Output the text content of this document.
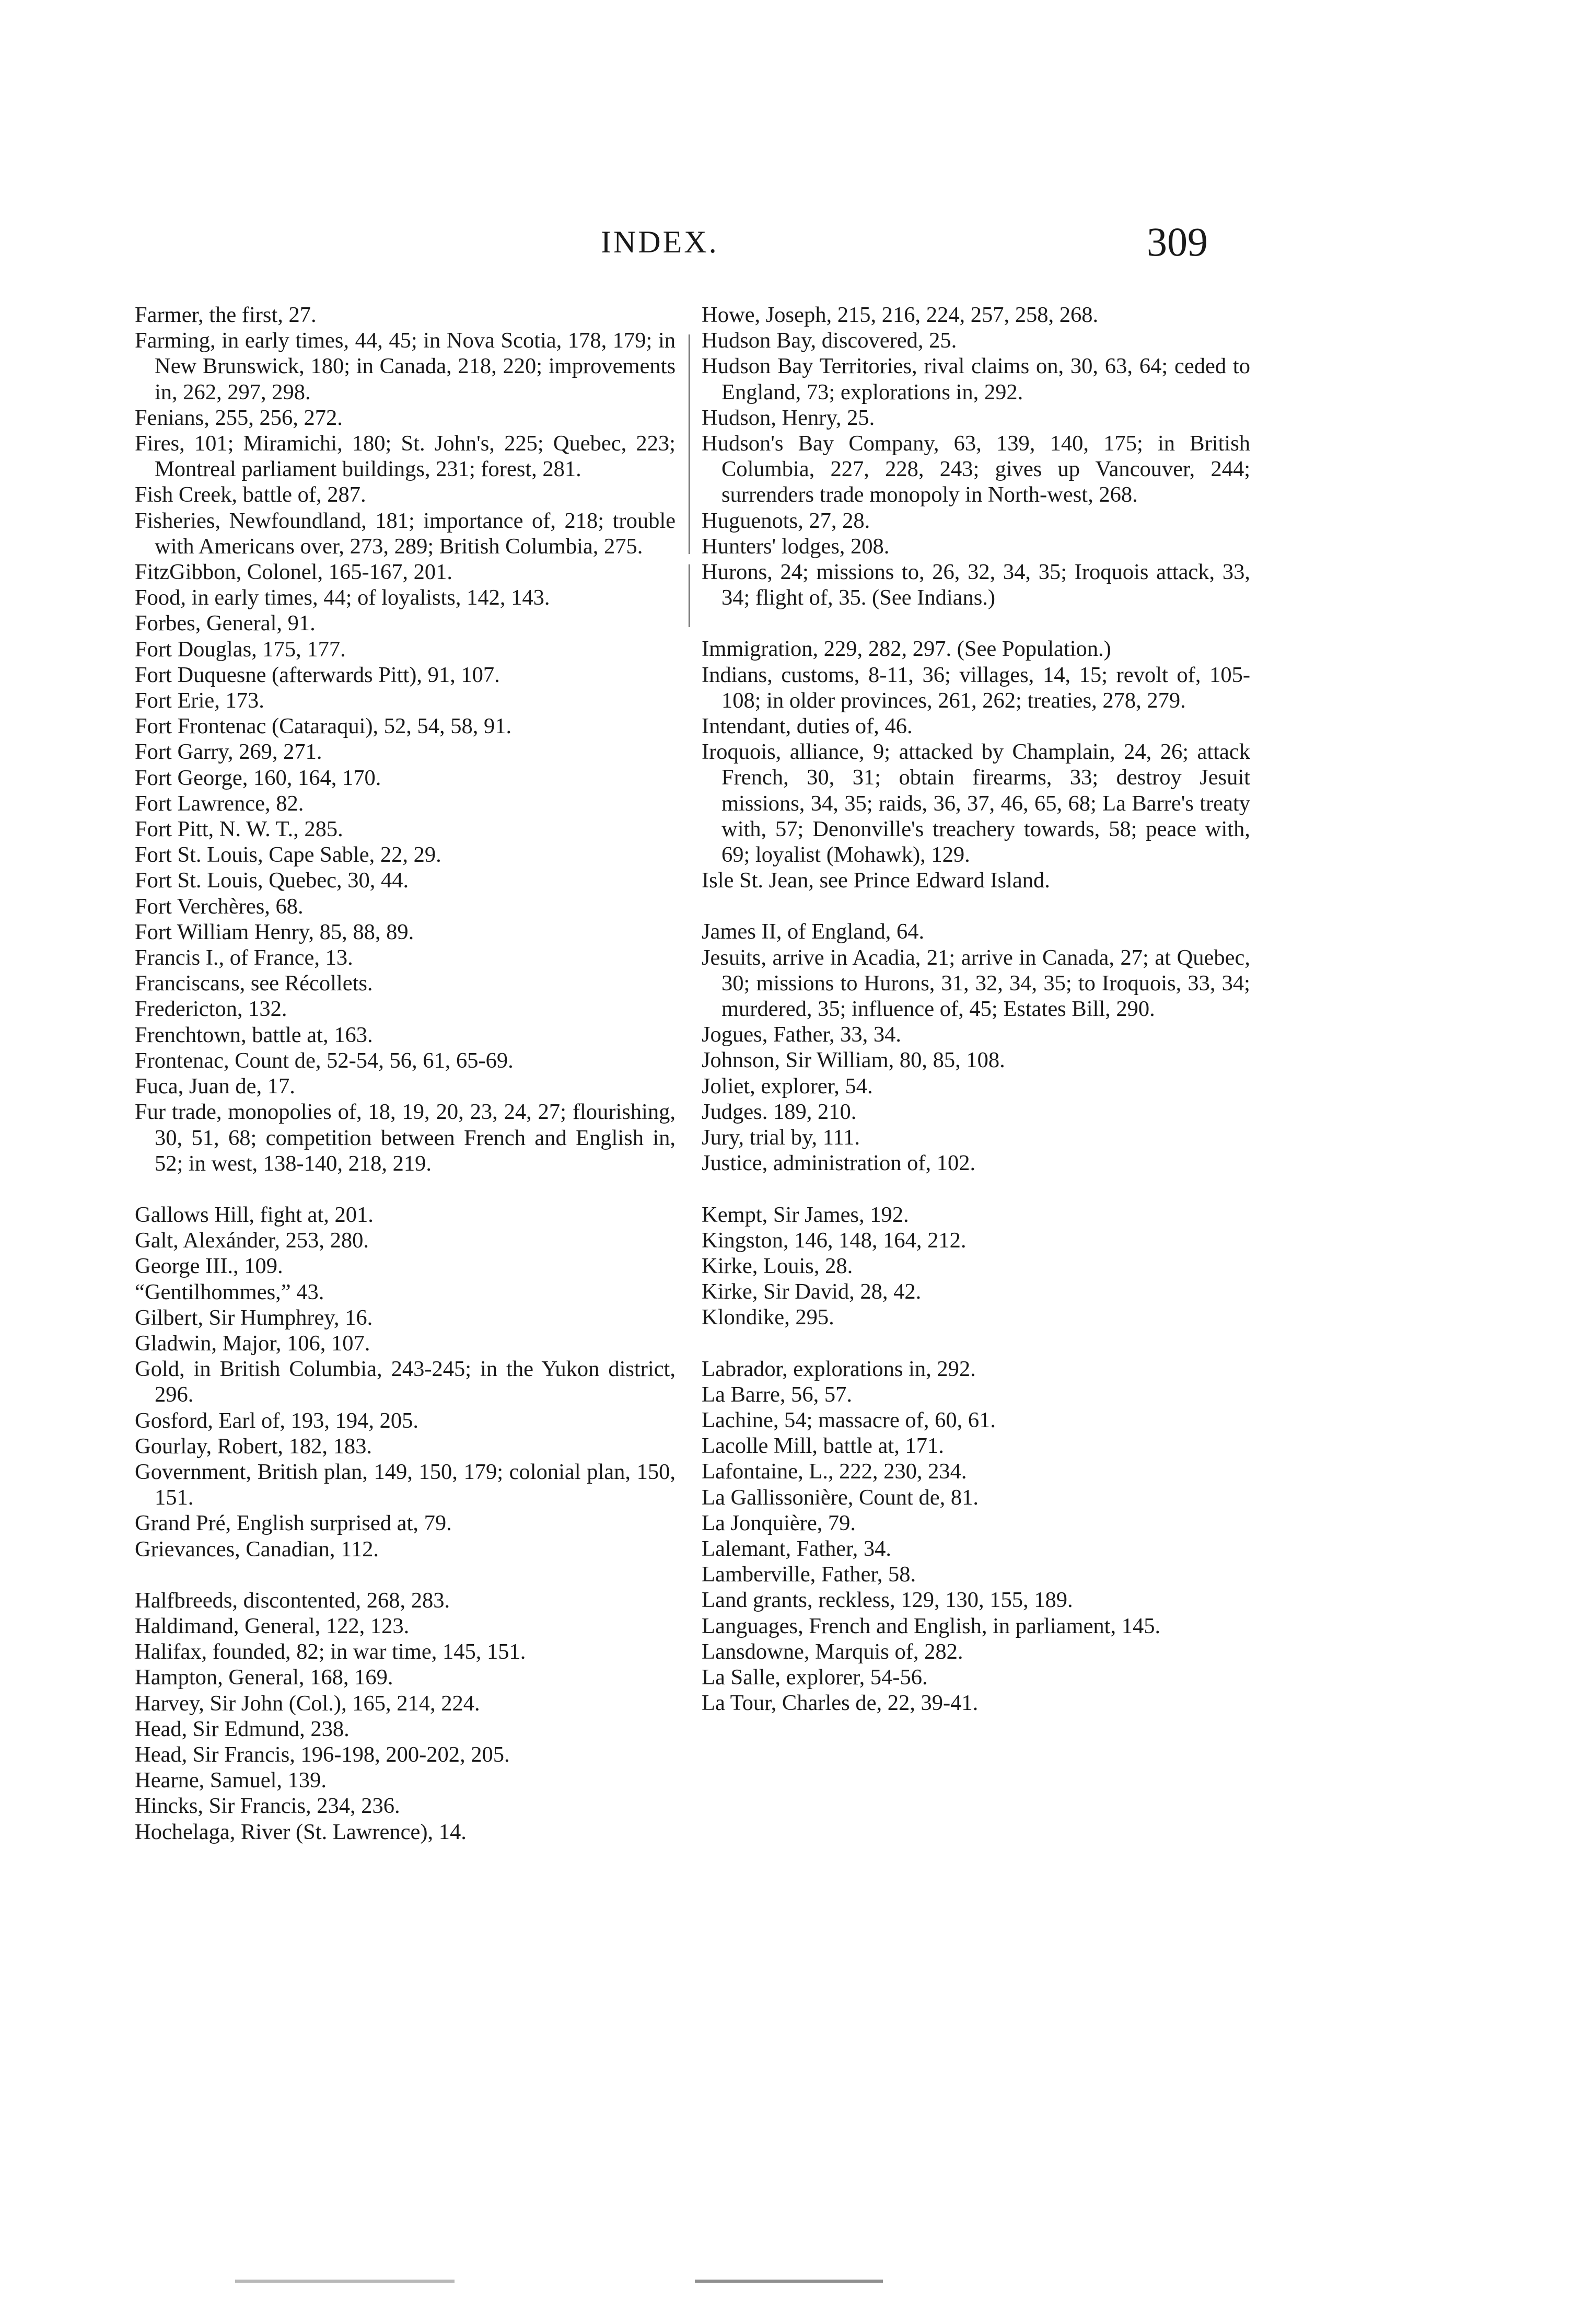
INDEX.	309
Farmer, the first, 27.
Farming, in early times, 44, 45; in Nova Scotia, 178, 179; in New Brunswick, 180; in Canada, 218, 220; improvements in, 262, 297, 298.
Fenians, 255, 256, 272.
Fires, 101; Miramichi, 180; St. John's, 225; Quebec, 223; Montreal parliament buildings, 231; forest, 281.
Fish Creek, battle of, 287.
Fisheries, Newfoundland, 181; importance of, 218; trouble with Americans over, 273, 289; British Columbia, 275.
FitzGibbon, Colonel, 165-167, 201.
Food, in early times, 44; of loyalists, 142, 143.
Forbes, General, 91.
Fort Douglas, 175, 177.
Fort Duquesne (afterwards Pitt), 91, 107.
Fort Erie, 173.
Fort Frontenac (Cataraqui), 52, 54, 58, 91.
Fort Garry, 269, 271.
Fort George, 160, 164, 170.
Fort Lawrence, 82.
Fort Pitt, N. W. T., 285.
Fort St. Louis, Cape Sable, 22, 29.
Fort St. Louis, Quebec, 30, 44.
Fort Verchères, 68.
Fort William Henry, 85, 88, 89.
Francis I., of France, 13.
Franciscans, see Récollets.
Fredericton, 132.
Frenchtown, battle at, 163.
Frontenac, Count de, 52-54, 56, 61, 65-69.
Fuca, Juan de, 17.
Fur trade, monopolies of, 18, 19, 20, 23, 24, 27; flourishing, 30, 51, 68; competition between French and English in, 52; in west, 138-140, 218, 219.
Gallows Hill, fight at, 201.
Galt, Alexánder, 253, 280.
George III., 109.
“Gentilhommes,” 43.
Gilbert, Sir Humphrey, 16.
Gladwin, Major, 106, 107.
Gold, in British Columbia, 243-245; in the Yukon district, 296.
Gosford, Earl of, 193, 194, 205.
Gourlay, Robert, 182, 183.
Government, British plan, 149, 150, 179; colonial plan, 150, 151.
Grand Pré, English surprised at, 79.
Grievances, Canadian, 112.
Halfbreeds, discontented, 268, 283.
Haldimand, General, 122, 123.
Halifax, founded, 82; in war time, 145, 151.
Hampton, General, 168, 169.
Harvey, Sir John (Col.), 165, 214, 224.
Head, Sir Edmund, 238.
Head, Sir Francis, 196-198, 200-202, 205.
Hearne, Samuel, 139.
Hincks, Sir Francis, 234, 236.
Hochelaga, River (St. Lawrence), 14.
Howe, Joseph, 215, 216, 224, 257, 258, 268.
Hudson Bay, discovered, 25.
Hudson Bay Territories, rival claims on, 30, 63, 64; ceded to England, 73; explorations in, 292.
Hudson, Henry, 25.
Hudson's Bay Company, 63, 139, 140, 175; in British Columbia, 227, 228, 243; gives up Vancouver, 244; surrenders trade monopoly in North-west, 268.
Huguenots, 27, 28.
Hunters' lodges, 208.
Hurons, 24; missions to, 26, 32, 34, 35; Iroquois attack, 33, 34; flight of, 35. (See Indians.)
Immigration, 229, 282, 297. (See Population.)
Indians, customs, 8-11, 36; villages, 14, 15; revolt of, 105-108; in older provinces, 261, 262; treaties, 278, 279.
Intendant, duties of, 46.
Iroquois, alliance, 9; attacked by Champlain, 24, 26; attack French, 30, 31; obtain firearms, 33; destroy Jesuit missions, 34, 35; raids, 36, 37, 46, 65, 68; La Barre's treaty with, 57; Denonville's treachery towards, 58; peace with, 69; loyalist (Mohawk), 129.
Isle St. Jean, see Prince Edward Island.
James II, of England, 64.
Jesuits, arrive in Acadia, 21; arrive in Canada, 27; at Quebec, 30; missions to Hurons, 31, 32, 34, 35; to Iroquois, 33, 34; murdered, 35; influence of, 45; Estates Bill, 290.
Jogues, Father, 33, 34.
Johnson, Sir William, 80, 85, 108.
Joliet, explorer, 54.
Judges. 189, 210.
Jury, trial by, 111.
Justice, administration of, 102.
Kempt, Sir James, 192.
Kingston, 146, 148, 164, 212.
Kirke, Louis, 28.
Kirke, Sir David, 28, 42.
Klondike, 295.
Labrador, explorations in, 292.
La Barre, 56, 57.
Lachine, 54; massacre of, 60, 61.
Lacolle Mill, battle at, 171.
Lafontaine, L., 222, 230, 234.
La Gallissonière, Count de, 81.
La Jonquière, 79.
Lalemant, Father, 34.
Lamberville, Father, 58.
Land grants, reckless, 129, 130, 155, 189.
Languages, French and English, in parliament, 145.
Lansdowne, Marquis of, 282.
La Salle, explorer, 54-56.
La Tour, Charles de, 22, 39-41.
